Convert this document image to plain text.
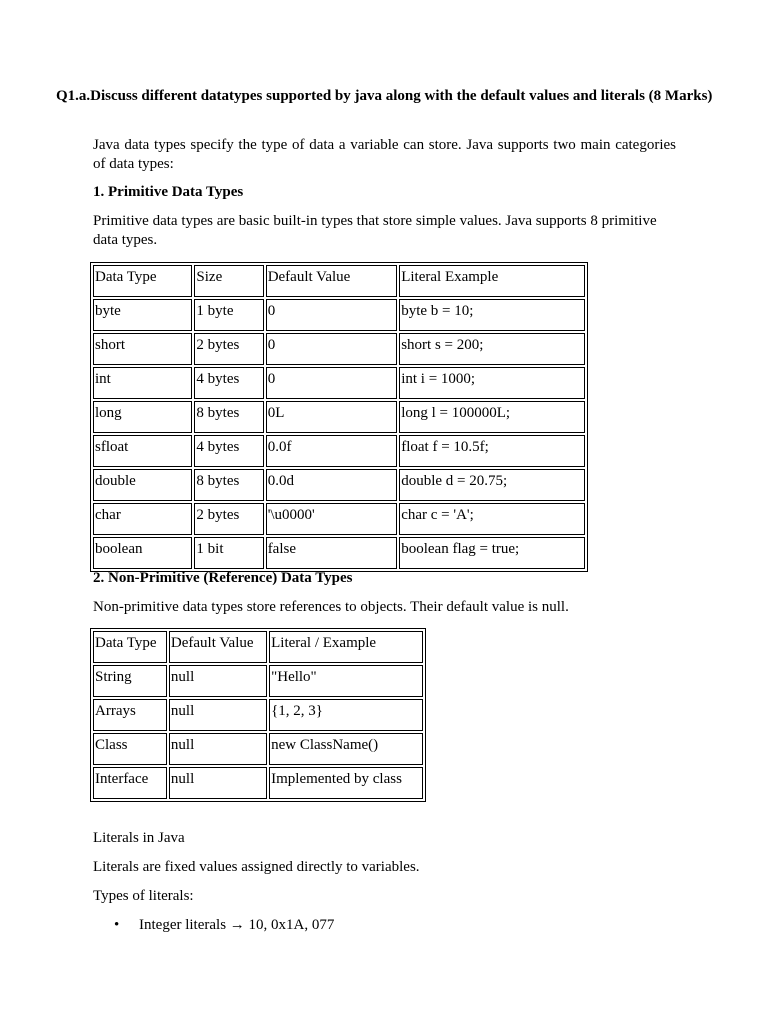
Q1.a.Discuss different datatypes supported by java along with the default values and literals (8 Marks)
Java data types specify the type of data a variable can store. Java supports two main categories of data types:
1. Primitive Data Types
Primitive data types are basic built-in types that store simple values. Java supports 8 primitive data types.
Data Type	Size	Default Value	Literal Example
byte	1 byte	0	byte b = 10;
short	2 bytes	0	short s = 200;
int	4 bytes	0	int i = 1000;
long	8 bytes	0L	long l = 100000L;
sfloat	4 bytes	0.0f	float f = 10.5f;
double	8 bytes	0.0d	double d = 20.75;
char	2 bytes	'\u0000'	char c = 'A';
boolean	1 bit	false	boolean flag = true;
2. Non-Primitive (Reference) Data Types
Non-primitive data types store references to objects. Their default value is null.
Data Type	Default Value	Literal / Example
String	null	"Hello"
Arrays	null	{1, 2, 3}
Class	null	new ClassName()
Interface	null	Implemented by class
Literals in Java
Literals are fixed values assigned directly to variables.
Types of literals:
• Integer literals → 10, 0x1A, 077
